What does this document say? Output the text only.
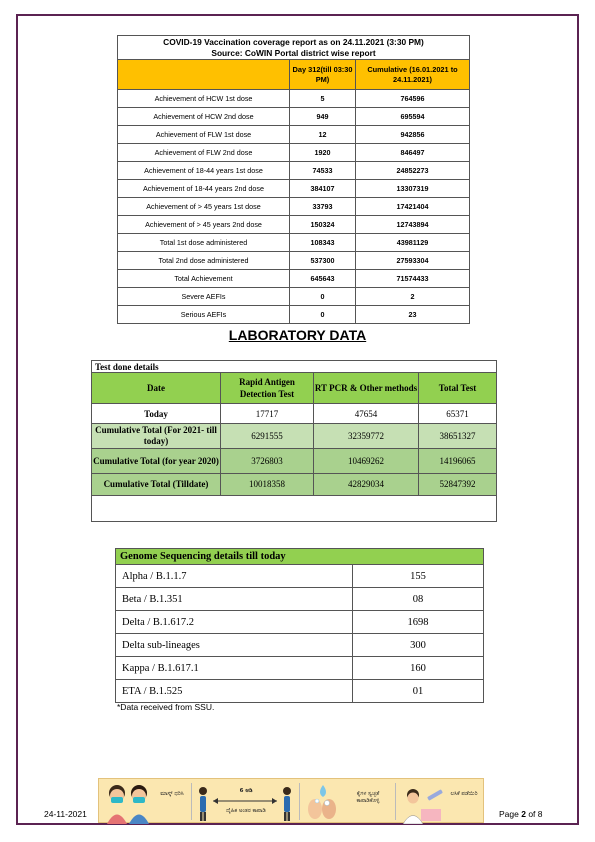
COVID-19 Vaccination coverage report as on 24.11.2021 (3:30 PM)
Source: CoWIN Portal district wise report		

	Day 312(till 03:30 PM)	Cumulative (16.01.2021 to 24.11.2021)
Achievement of HCW 1st dose	5	764596
Achievement of HCW 2nd dose	949	695594
Achievement of FLW 1st dose	12	942856
Achievement of FLW 2nd dose	1920	846497
Achievement of 18-44 years 1st dose	74533	24852273
Achievement of 18-44 years 2nd dose	384107	13307319
Achievement of > 45 years 1st dose	33793	17421404
Achievement of > 45 years 2nd dose	150324	12743894
Total 1st dose administered	108343	43981129
Total 2nd dose administered	537300	27593304
Total Achievement	645643	71574433
Severe AEFIs	0	2
Serious AEFIs	0	23
LABORATORY DATA
Test done details			
Date	Rapid Antigen Detection Test	RT PCR & Other methods	Total Test
Today	17717	47654	65371
Cumulative Total (For 2021- till today)	6291555	32359772	38651327
Cumulative Total (for year 2020)	3726803	10469262	14196065
Cumulative Total (Tilldate)	10018358	42829034	52847392
Genome Sequencing details till today	
Alpha / B.1.1.7	155
Beta / B.1.351	08
Delta / B.1.617.2	1698
Delta sub-lineages	300
Kappa / B.1.617.1	160
ETA / B.1.525	01
*Data received from SSU.
ಮಾಸ್ಕ್ ಧರಿಸಿ	6 ಅಡಿ
ದೈಹಿಕ ಅಂತರ ಕಾಪಾಡಿ
ಕೈಗಳ ಸ್ವಚ್ಛತೆ ಕಾಪಾಡಿಕೊಳ್ಳಿ
ಲಸಿಕೆ ಪಡೆಯಿರಿ
24-11-2021	Page 2 of 8
